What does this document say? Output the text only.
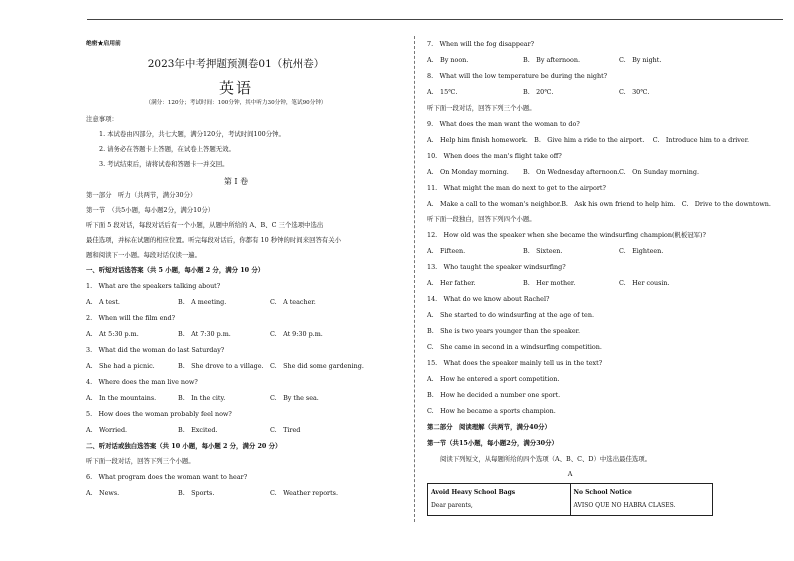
绝密★启用前
2023年中考押题预测卷01（杭州卷）
英语
（满分：120分；考试时间：100分钟，其中听力30分钟，笔试90分钟）
注意事项：
1. 本试卷由四部分，共七大题，满分120分，考试时间100分钟。
2. 请务必在答题卡上答题，在试卷上答题无效。
3. 考试结束后，请将试卷和答题卡一并交回。
第 I 卷
第一部分　听力（共两节，满分30分）
第一节　（共5小题，每小题2分，满分10分）
听下面 5 段对话，每段对话后有一个小题，从题中所给的 A、B、C 三个选项中选出
最佳选项，并标在试题的相应位置。听完每段对话后，你都有 10 秒钟的时间来回答有关小
题和阅读下一小题。每段对话仅读一遍。
一、听短对话选答案（共 5 小题，每小题 2 分，满分 10 分）
1.　What are the speakers talking about?
A.　A test.	B.　A meeting.	C.　A teacher.
2.　When will the film end?
A.　At 5:30 p.m.	B.　At 7:30 p.m.	C.　At 9:30 p.m.
3.　What did the woman do last Saturday?
A.　She had a picnic.	B.　She drove to a village.	C.　She did some gardening.
4.　Where does the man live now?
A.　In the mountains.	B.　In the city.	C.　By the sea.
5.　How does the woman probably feel now?
A.　Worried.	B.　Excited.	C.　Tired
二、听对话或独白选答案（共 10 小题，每小题 2 分，满分 20 分）
听下面一段对话，回答下列三个小题。
6.　What program does the woman want to hear?
A.　News.	B.　Sports.	C.　Weather reports.
7.　When will the fog disappear?
A.　By noon.	B.　By afternoon.	C.　By night.
8.　What will the low temperature be during the night?
A.　15℃.	B.　20℃.	C.　30℃.
听下面一段对话，回答下列三个小题。
9.　What does the man want the woman to do?
A.　Help him finish homework.　B.　Give him a ride to the airport.　 C.　Introduce him to a driver.
10.　When does the man's flight take off?
A.　On Monday morning.	B.　On Wednesday afternoon. C.　On Sunday morning.
11.　What might the man do next to get to the airport?
A.　Make a call to the woman's neighbor.B.　Ask his own friend to help him.　C.　Drive to the downtown.
听下面一段独白，回答下列四个小题。
12.　How old was the speaker when she became the windsurfing champion(帆板冠军)?
A.　Fifteen.	B.　Sixteen.	C.　Eighteen.
13.　Who taught the speaker windsurfing?
A.　Her father.	B.　Her mother.	C.　Her cousin.
14.　What do we know about Rachel?
A.　She started to do windsurfing at the age of ten.
B.　She is two years younger than the speaker.
C.　She came in second in a windsurfing competition.
15.　What does the speaker mainly tell us in the text?
A.　How he entered a sport competition.
B.　How he decided a number one sport.
C.　How he became a sports champion.
第二部分　阅读理解（共两节，满分40分）
第一节（共15小题，每小题2分，满分30分）
阅读下列短文，从每题所给的四个选项（A、B、C、D）中选出最佳选项。
A
Avoid Heavy School Bags
Dear parents,

No School Notice
AVISO QUE NO HABRA CLASES.
